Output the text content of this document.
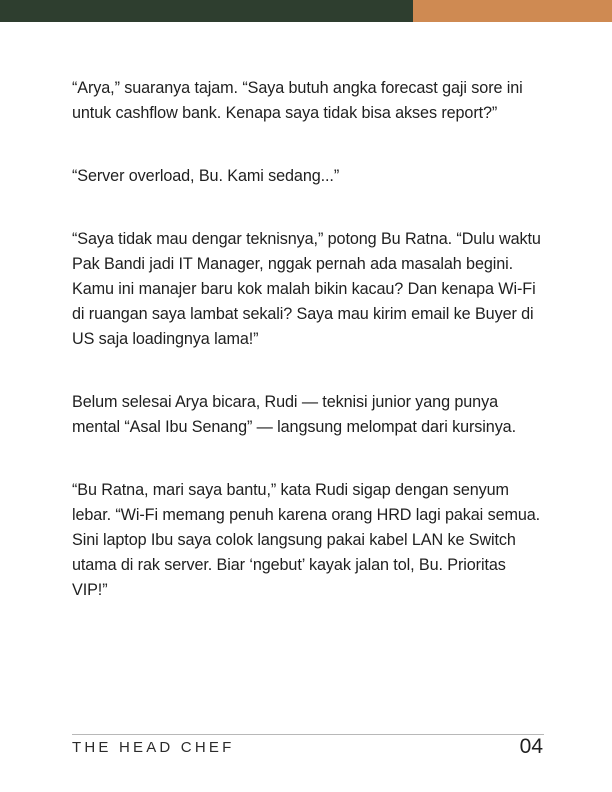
“Arya,” suaranya tajam. “Saya butuh angka forecast gaji sore ini untuk cashflow bank. Kenapa saya tidak bisa akses report?”

“Server overload, Bu. Kami sedang...”

“Saya tidak mau dengar teknisnya,” potong Bu Ratna. “Dulu waktu Pak Bandi jadi IT Manager, nggak pernah ada masalah begini. Kamu ini manajer baru kok malah bikin kacau? Dan kenapa Wi-Fi di ruangan saya lambat sekali? Saya mau kirim email ke Buyer di US saja loadingnya lama!”

Belum selesai Arya bicara, Rudi — teknisi junior yang punya mental “Asal Ibu Senang” — langsung melompat dari kursinya.

“Bu Ratna, mari saya bantu,” kata Rudi sigap dengan senyum lebar. “Wi-Fi memang penuh karena orang HRD lagi pakai semua. Sini laptop Ibu saya colok langsung pakai kabel LAN ke Switch utama di rak server. Biar ‘ngebut’ kayak jalan tol, Bu. Prioritas VIP!”

THE HEAD CHEF	04
